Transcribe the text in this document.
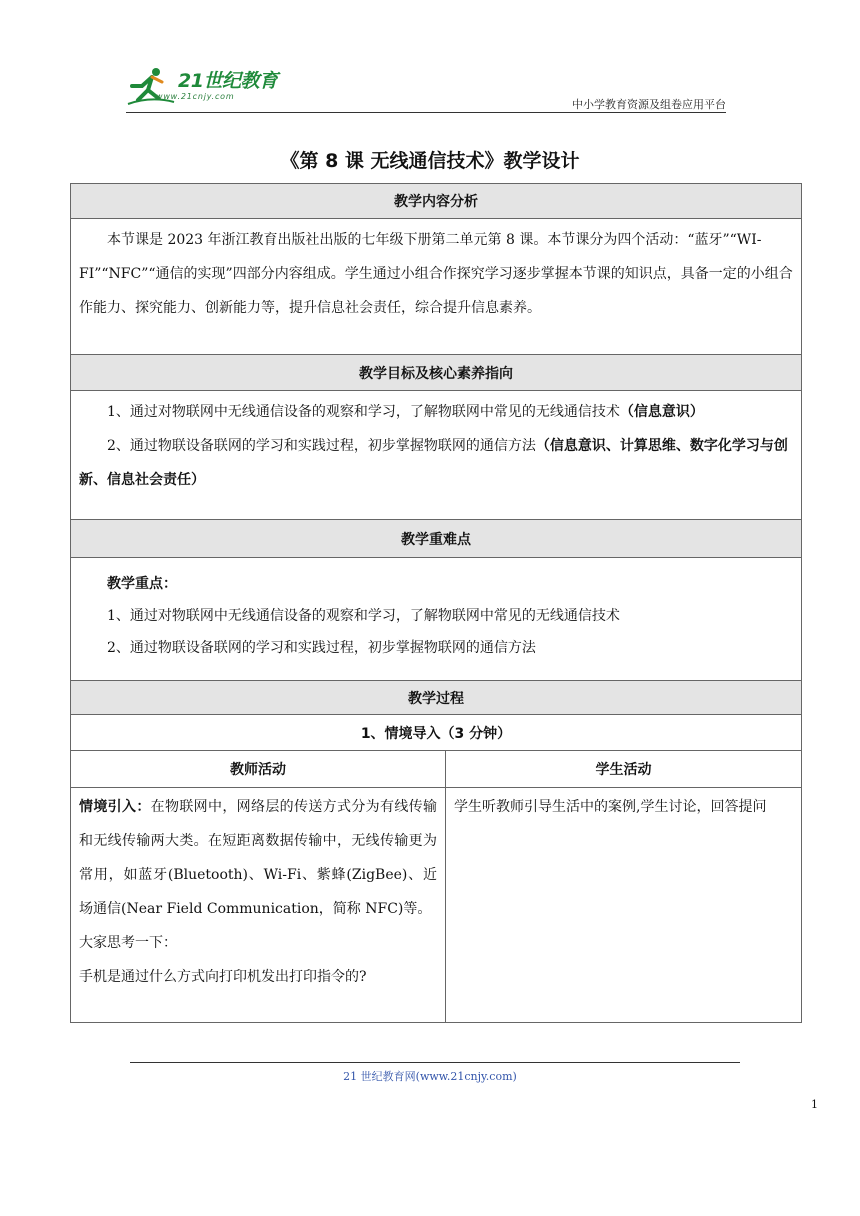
21世纪教育
www.21cnjy.com
中小学教育资源及组卷应用平台
《第 8 课 无线通信技术》教学设计
教学内容分析

本节课是 2023 年浙江教育出版社出版的七年级下册第二单元第 8 课。本节课分为四个活动：“蓝牙”“WI-FI”“NFC”“通信的实现”四部分内容组成。学生通过小组合作探究学习逐步掌握本节课的知识点，具备一定的小组合作能力、探究能力、创新能力等，提升信息社会责任，综合提升信息素养。

教学目标及核心素养指向

1、通过对物联网中无线通信设备的观察和学习，了解物联网中常见的无线通信技术（信息意识）

2、通过物联设备联网的学习和实践过程，初步掌握物联网的通信方法（信息意识、计算思维、数字化学习与创新、信息社会责任）

教学重难点

教学重点：

1、通过对物联网中无线通信设备的观察和学习，了解物联网中常见的无线通信技术

2、通过物联设备联网的学习和实践过程，初步掌握物联网的通信方法

教学过程
1、情境导入（3 分钟）
教师活动
情境引入：在物联网中，网络层的传送方式分为有线传输和无线传输两大类。在短距离数据传输中，无线传输更为常用，如蓝牙(Bluetooth)、Wi-Fi、紫蜂(ZigBee)、近场通信(Near Field Communication，简称 NFC)等。
大家思考一下：
手机是通过什么方式向打印机发出打印指令的?
学生活动
学生听教师引导生活中的案例,学生讨论，回答提问
21 世纪教育网(www.21cnjy.com)
1
